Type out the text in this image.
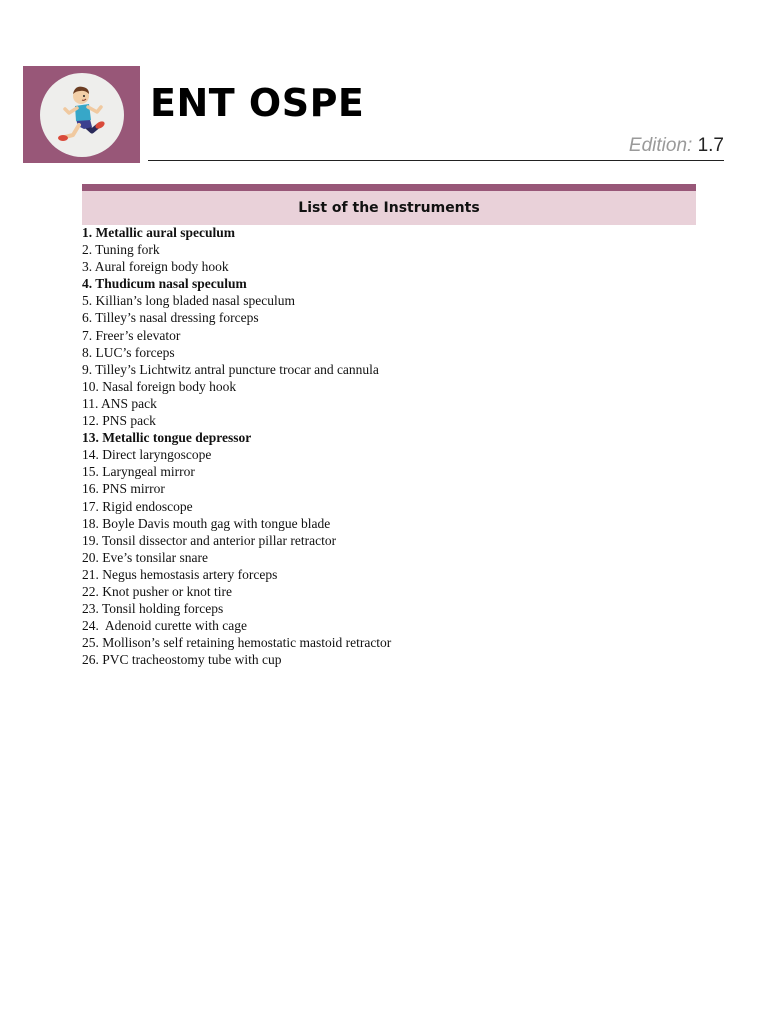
ENT OSPE
Edition: 1.7
List of the Instruments
1. Metallic aural speculum
2. Tuning fork
3. Aural foreign body hook
4. Thudicum nasal speculum
5. Killian’s long bladed nasal speculum
6. Tilley’s nasal dressing forceps
7. Freer’s elevator
8. LUC’s forceps
9. Tilley’s Lichtwitz antral puncture trocar and cannula
10. Nasal foreign body hook
11. ANS pack
12. PNS pack
13. Metallic tongue depressor
14. Direct laryngoscope
15. Laryngeal mirror
16. PNS mirror
17. Rigid endoscope
18. Boyle Davis mouth gag with tongue blade
19. Tonsil dissector and anterior pillar retractor
20. Eve’s tonsilar snare
21. Negus hemostasis artery forceps
22. Knot pusher or knot tire
23. Tonsil holding forceps
24.  Adenoid curette with cage
25. Mollison’s self retaining hemostatic mastoid retractor
26. PVC tracheostomy tube with cup
